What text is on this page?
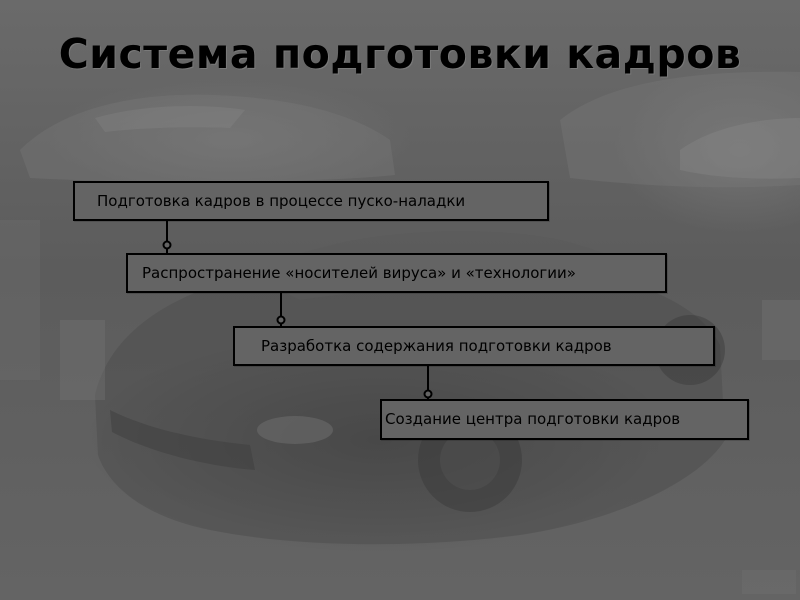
Система подготовки кадров
Подготовка кадров в процессе пуско-наладки
Распространение «носителей вируса» и «технологии»
Разработка содержания подготовки кадров
Создание центра подготовки кадров
